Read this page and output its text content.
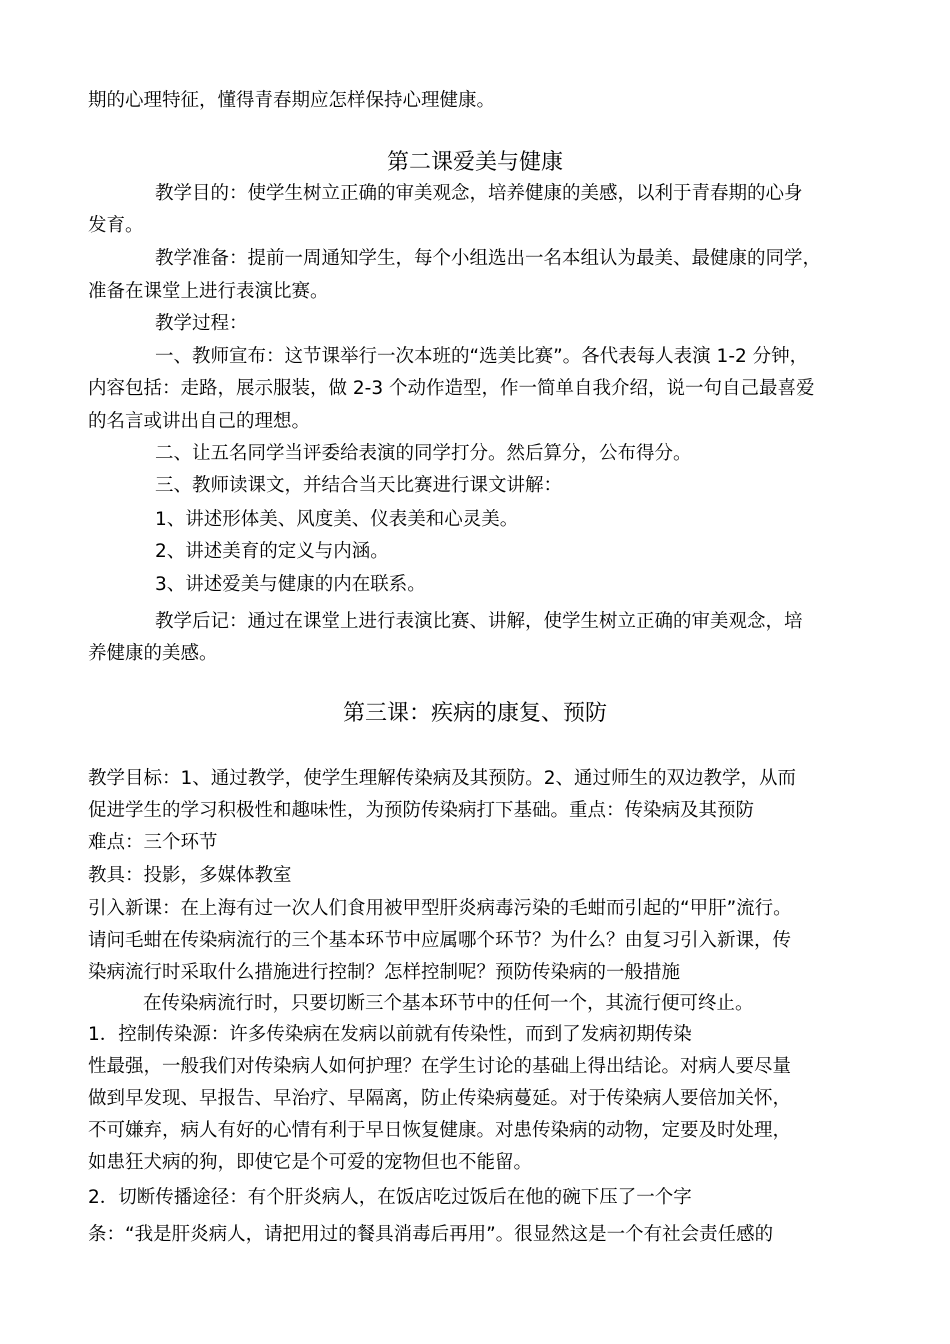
期的心理特征，懂得青春期应怎样保持心理健康。
第二课爱美与健康
教学目的：使学生树立正确的审美观念，培养健康的美感，以利于青春期的心身
发育。
教学准备：提前一周通知学生，每个小组选出一名本组认为最美、最健康的同学，
准备在课堂上进行表演比赛。
教学过程：
一、教师宣布：这节课举行一次本班的“选美比赛”。各代表每人表演 1-2 分钟，
内容包括：走路，展示服装，做 2-3 个动作造型，作一简单自我介绍，说一句自己最喜爱
的名言或讲出自己的理想。
二、让五名同学当评委给表演的同学打分。然后算分，公布得分。
三、教师读课文，并结合当天比赛进行课文讲解：
1、讲述形体美、风度美、仪表美和心灵美。
2、讲述美育的定义与内涵。
3、讲述爱美与健康的内在联系。
教学后记：通过在课堂上进行表演比赛、讲解，使学生树立正确的审美观念，培
养健康的美感。
第三课：疾病的康复、预防
教学目标：1、通过教学，使学生理解传染病及其预防。2、通过师生的双边教学，从而
促进学生的学习积极性和趣味性，为预防传染病打下基础。重点：传染病及其预防
难点：三个环节
教具：投影，多媒体教室
引入新课：在上海有过一次人们食用被甲型肝炎病毒污染的毛蚶而引起的“甲肝”流行。
请问毛蚶在传染病流行的三个基本环节中应属哪个环节？为什么？由复习引入新课，传
染病流行时采取什么措施进行控制？怎样控制呢？预防传染病的一般措施
在传染病流行时，只要切断三个基本环节中的任何一个，其流行便可终止。
1．控制传染源：许多传染病在发病以前就有传染性，而到了发病初期传染
性最强，一般我们对传染病人如何护理？在学生讨论的基础上得出结论。对病人要尽量
做到早发现、早报告、早治疗、早隔离，防止传染病蔓延。对于传染病人要倍加关怀，
不可嫌弃，病人有好的心情有利于早日恢复健康。对患传染病的动物，定要及时处理，
如患狂犬病的狗，即使它是个可爱的宠物但也不能留。
2．切断传播途径：有个肝炎病人，在饭店吃过饭后在他的碗下压了一个字
条：“我是肝炎病人，请把用过的餐具消毒后再用”。很显然这是一个有社会责任感的
